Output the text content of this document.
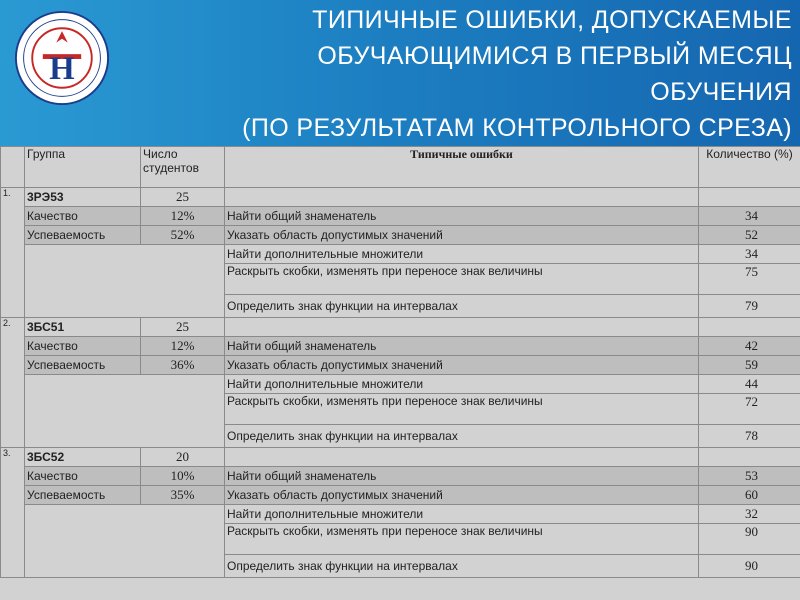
Н
ТИПИЧНЫЕ ОШИБКИ, ДОПУСКАЕМЫЕ
ОБУЧАЮЩИМИСЯ В ПЕРВЫЙ МЕСЯЦ
ОБУЧЕНИЯ
(ПО РЕЗУЛЬТАТАМ КОНТРОЛЬНОГО СРЕЗА)
	Группа	Число студентов	Типичные ошибки	Количество (%)
1.	3РЭ53	25		
	Качество	12%	Найти общий знаменатель	34
	Успеваемость	52%	Указать область допустимых значений	52
			Найти дополнительные множители	34
			Раскрыть скобки, изменять при переносе знак величины	75
			Определить знак функции на интервалах	79
2.	3БС51	25		
	Качество	12%	Найти общий знаменатель	42
	Успеваемость	36%	Указать область допустимых значений	59
			Найти дополнительные множители	44
			Раскрыть скобки, изменять при переносе знак величины	72
			Определить знак функции на интервалах	78
3.	3БС52	20		
	Качество	10%	Найти общий знаменатель	53
	Успеваемость	35%	Указать область допустимых значений	60
			Найти дополнительные множители	32
			Раскрыть скобки, изменять при переносе знак величины	90
			Определить знак функции на интервалах	90
